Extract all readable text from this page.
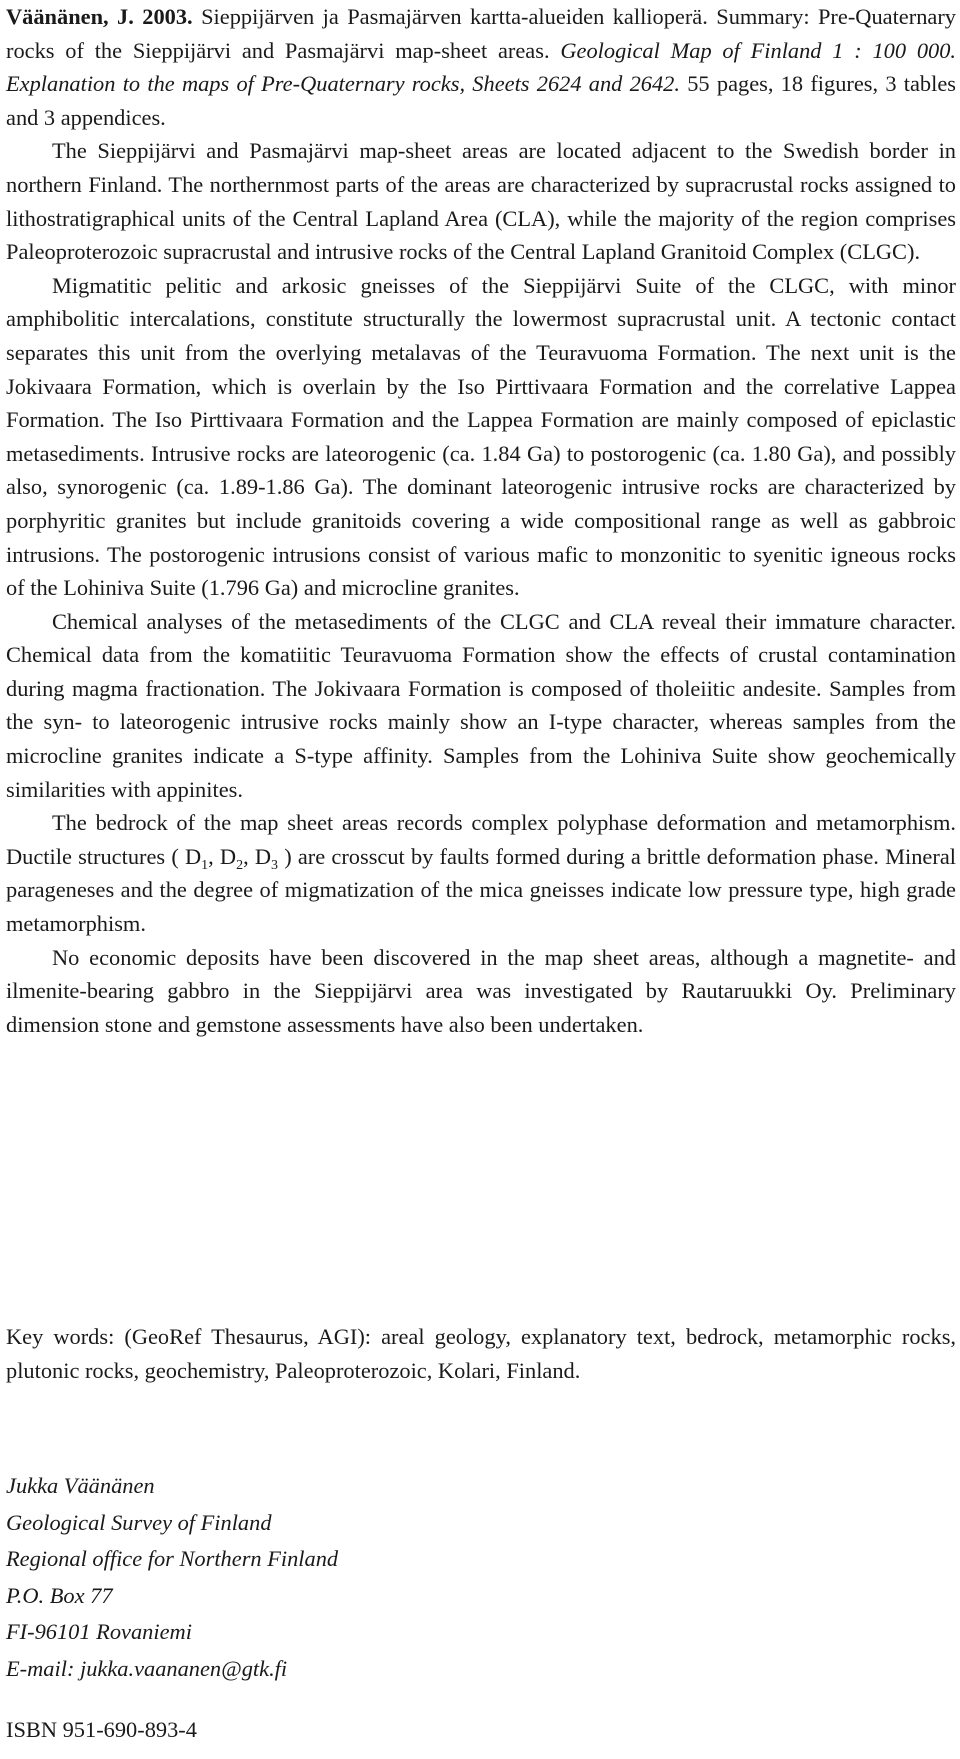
Väänänen, J. 2003. Sieppijärven ja Pasmajärven kartta-alueiden kallioperä. Summary: Pre-Quaternary rocks of the Sieppijärvi and Pasmajärvi map-sheet areas. Geological Map of Finland 1 : 100 000. Explanation to the maps of Pre-Quaternary rocks, Sheets 2624 and 2642. 55 pages, 18 figures, 3 tables and 3 appendices.

The Sieppijärvi and Pasmajärvi map-sheet areas are located adjacent to the Swedish border in northern Finland. The northernmost parts of the areas are characterized by supracrustal rocks assigned to lithostratigraphical units of the Central Lapland Area (CLA), while the majority of the region comprises Paleoproterozoic supracrustal and intrusive rocks of the Central Lapland Granitoid Complex (CLGC).

Migmatitic pelitic and arkosic gneisses of the Sieppijärvi Suite of the CLGC, with minor amphibolitic intercalations, constitute structurally the lowermost supracrustal unit. A tectonic contact separates this unit from the overlying metalavas of the Teuravuoma Formation. The next unit is the Jokivaara Formation, which is overlain by the Iso Pirttivaara Formation and the correlative Lappea Formation. The Iso Pirttivaara Formation and the Lappea Formation are mainly composed of epiclastic metasediments. Intrusive rocks are lateorogenic (ca. 1.84 Ga) to postorogenic (ca. 1.80 Ga), and possibly also, synorogenic (ca. 1.89-1.86 Ga). The dominant lateorogenic intrusive rocks are characterized by porphyritic granites but include granitoids covering a wide compositional range as well as gabbroic intrusions. The postorogenic intrusions consist of various mafic to monzonitic to syenitic igneous rocks of the Lohiniva Suite (1.796 Ga) and microcline granites.

Chemical analyses of the metasediments of the CLGC and CLA reveal their immature character. Chemical data from the komatiitic Teuravuoma Formation show the effects of crustal contamination during magma fractionation. The Jokivaara Formation is composed of tholeiitic andesite. Samples from the syn- to lateorogenic intrusive rocks mainly show an I-type character, whereas samples from the microcline granites indicate a S-type affinity. Samples from the Lohiniva Suite show geochemically similarities with appinites.

The bedrock of the map sheet areas records complex polyphase deformation and metamorphism. Ductile structures ( $D_1$, $D_2$, $D_3$ ) are crosscut by faults formed during a brittle deformation phase. Mineral parageneses and the degree of migmatization of the mica gneisses indicate low pressure type, high grade metamorphism.

No economic deposits have been discovered in the map sheet areas, although a magnetite- and ilmenite-bearing gabbro in the Sieppijärvi area was investigated by Rautaruukki Oy. Preliminary dimension stone and gemstone assessments have also been undertaken.

Key words: (GeoRef Thesaurus, AGI): areal geology, explanatory text, bedrock, metamorphic rocks, plutonic rocks, geochemistry, Paleoproterozoic, Kolari, Finland.

Jukka Väänänen
Geological Survey of Finland
Regional office for Northern Finland
P.O. Box 77
FI-96101 Rovaniemi
E-mail: jukka.vaananen@gtk.fi
ISBN 951-690-893-4
